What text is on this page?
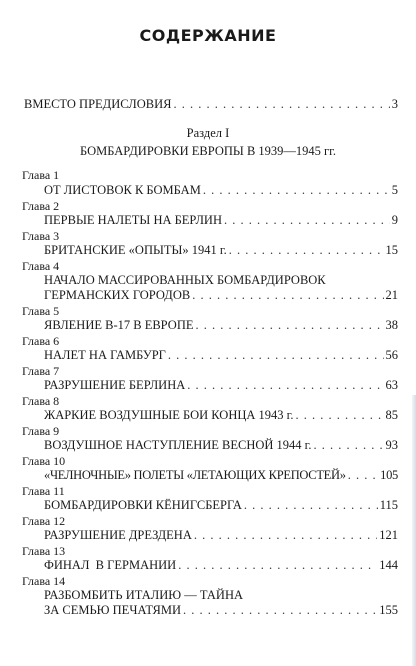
СОДЕРЖАНИЕ
ВМЕСТО ПРЕДИСЛОВИЯ . . .	3
Раздел I
БОМБАРДИРОВКИ ЕВРОПЫ В 1939—1945 гг.
Глава 1
ОТ ЛИСТОВОК К БОМБАМ . . .	5
Глава 2
ПЕРВЫЕ НАЛЕТЫ НА БЕРЛИН . . .	9
Глава 3
БРИТАНСКИЕ «ОПЫТЫ» 1941 г. . . .	15
Глава 4
НАЧАЛО МАССИРОВАННЫХ БОМБАРДИРОВОК
ГЕРМАНСКИХ ГОРОДОВ . . .	21
Глава 5
ЯВЛЕНИЕ B-17 В ЕВРОПЕ . . .	38
Глава 6
НАЛЕТ НА ГАМБУРГ . . .	56
Глава 7
РАЗРУШЕНИЕ БЕРЛИНА . . .	63
Глава 8
ЖАРКИЕ ВОЗДУШНЫЕ БОИ КОНЦА 1943 г. . . .	85
Глава 9
ВОЗДУШНОЕ НАСТУПЛЕНИЕ ВЕСНОЙ 1944 г. . . .	93
Глава 10
«ЧЕЛНОЧНЫЕ» ПОЛЕТЫ «ЛЕТАЮЩИХ КРЕПОСТЕЙ» . . .	105
Глава 11
БОМБАРДИРОВКИ КЁНИГСБЕРГА . . .	115
Глава 12
РАЗРУШЕНИЕ ДРЕЗДЕНА . . .	121
Глава 13
ФИНАЛ  В ГЕРМАНИИ . . .	144
Глава 14
РАЗБОМБИТЬ ИТАЛИЮ — ТАЙНА
ЗА СЕМЬЮ ПЕЧАТЯМИ . . .	155
